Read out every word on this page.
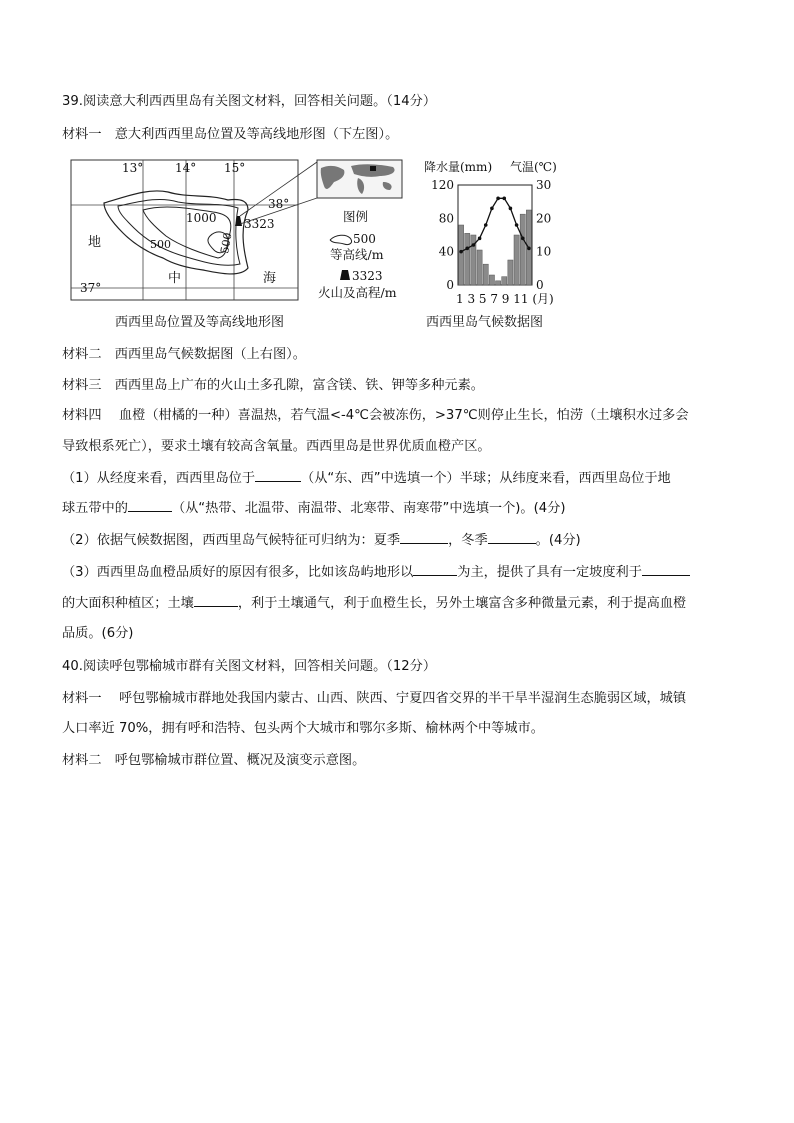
39.阅读意大利西西里岛有关图文材料，回答相关问题。（14分）
材料一　意大利西西里岛位置及等高线地形图（下左图）。
13°	14° 15°
38°
37°
1000
500	500
3323
地
中	海
图例
500
等高线/m
3323
火山及高程/m
西西里岛位置及等高线地形图
降水量(mm) 气温(℃)
120	30
80	20
40	10
0	0
1 3 5 7 9 11 (月)
西西里岛气候数据图
材料二　西西里岛气候数据图（上右图）。
材料三　西西里岛上广布的火山土多孔隙，富含镁、铁、钾等多种元素。
材料四　 血橙（柑橘的一种）喜温热，若气温<-4℃会被冻伤，>37℃则停止生长，怕涝（土壤积水过多会
导致根系死亡），要求土壤有较高含氧量。西西里岛是世界优质血橙产区。
（1）从经度来看，西西里岛位于	（从“东、西”中选填一个）半球；从纬度来看，西西里岛位于地
球五带中的	（从“热带、北温带、南温带、北寒带、南寒带”中选填一个)。(4分)
（2）依据气候数据图，西西里岛气候特征可归纳为：夏季	，冬季	。(4分)
（3）西西里岛血橙品质好的原因有很多，比如该岛屿地形以	为主，提供了具有一定坡度利于
的大面积种植区；土壤	，利于土壤通气，利于血橙生长，另外土壤富含多种微量元素，利于提高血橙
品质。(6分)
40.阅读呼包鄂榆城市群有关图文材料，回答相关问题。（12分）
材料一　 呼包鄂榆城市群地处我国内蒙古、山西、陕西、宁夏四省交界的半干旱半湿润生态脆弱区域，城镇
人口率近 70%，拥有呼和浩特、包头两个大城市和鄂尔多斯、榆林两个中等城市。
材料二　呼包鄂榆城市群位置、概况及演变示意图。
